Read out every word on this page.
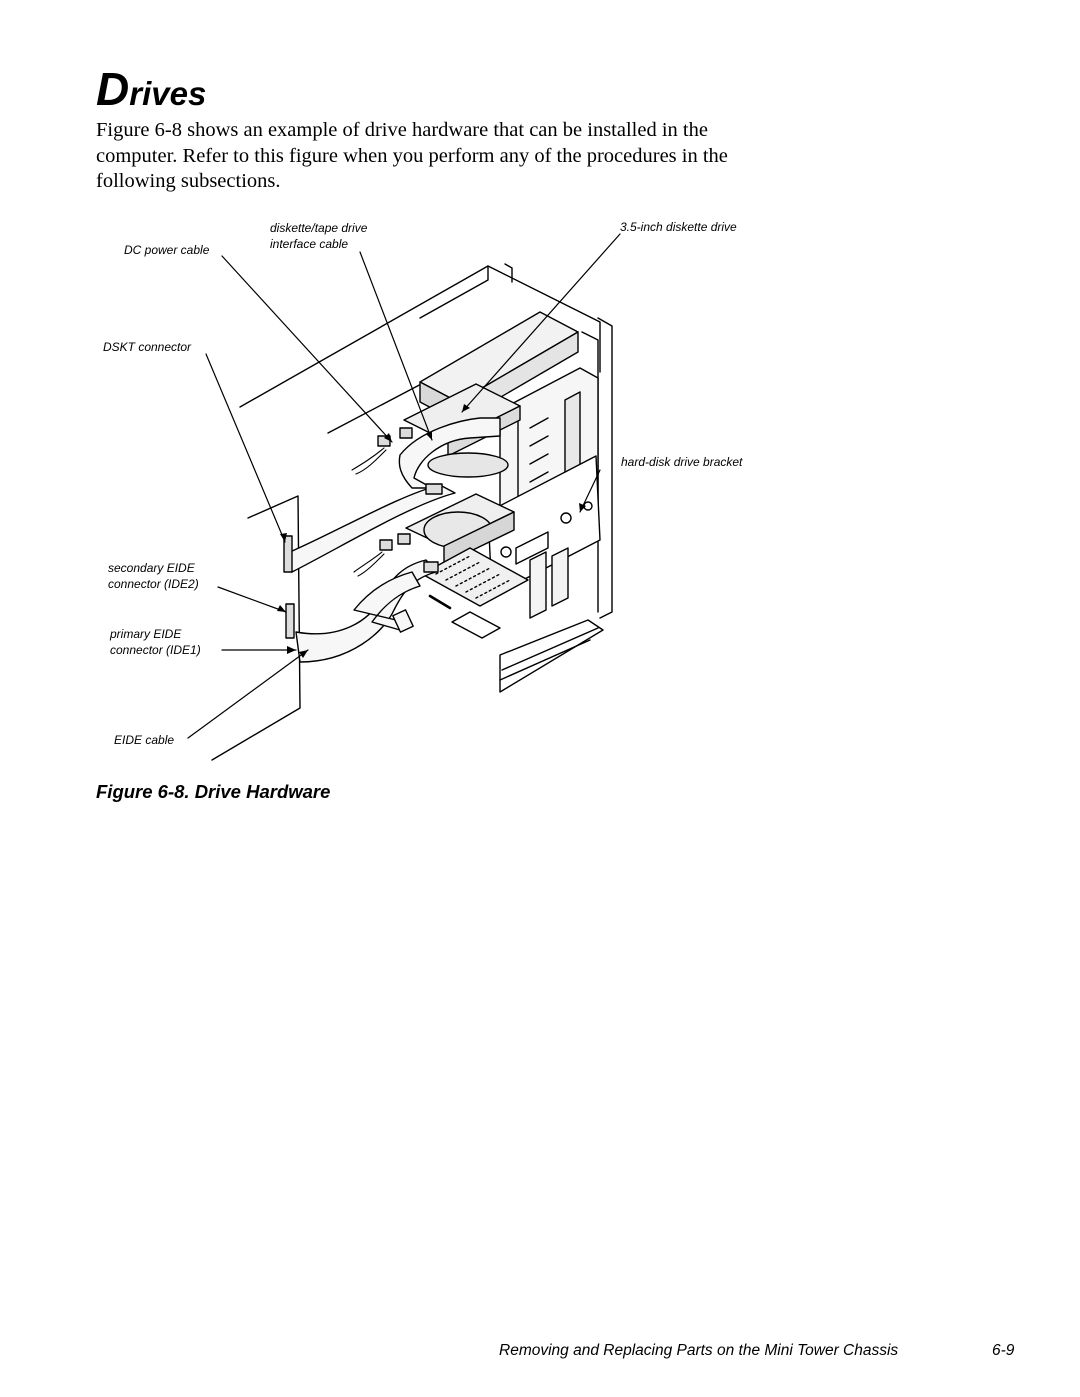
Drives

Figure 6-8 shows an example of drive hardware that can be installed in the computer. Refer to this figure when you perform any of the procedures in the following subsections.

DC power cable

diskette/tape drive

interface cable

3.5-inch diskette drive

DSKT connector

hard-disk drive bracket

secondary EIDE

connector (IDE2)

primary EIDE

connector (IDE1)

EIDE cable

Figure 6-8. Drive Hardware

Removing and Replacing Parts on the Mini Tower Chassis	6-9
